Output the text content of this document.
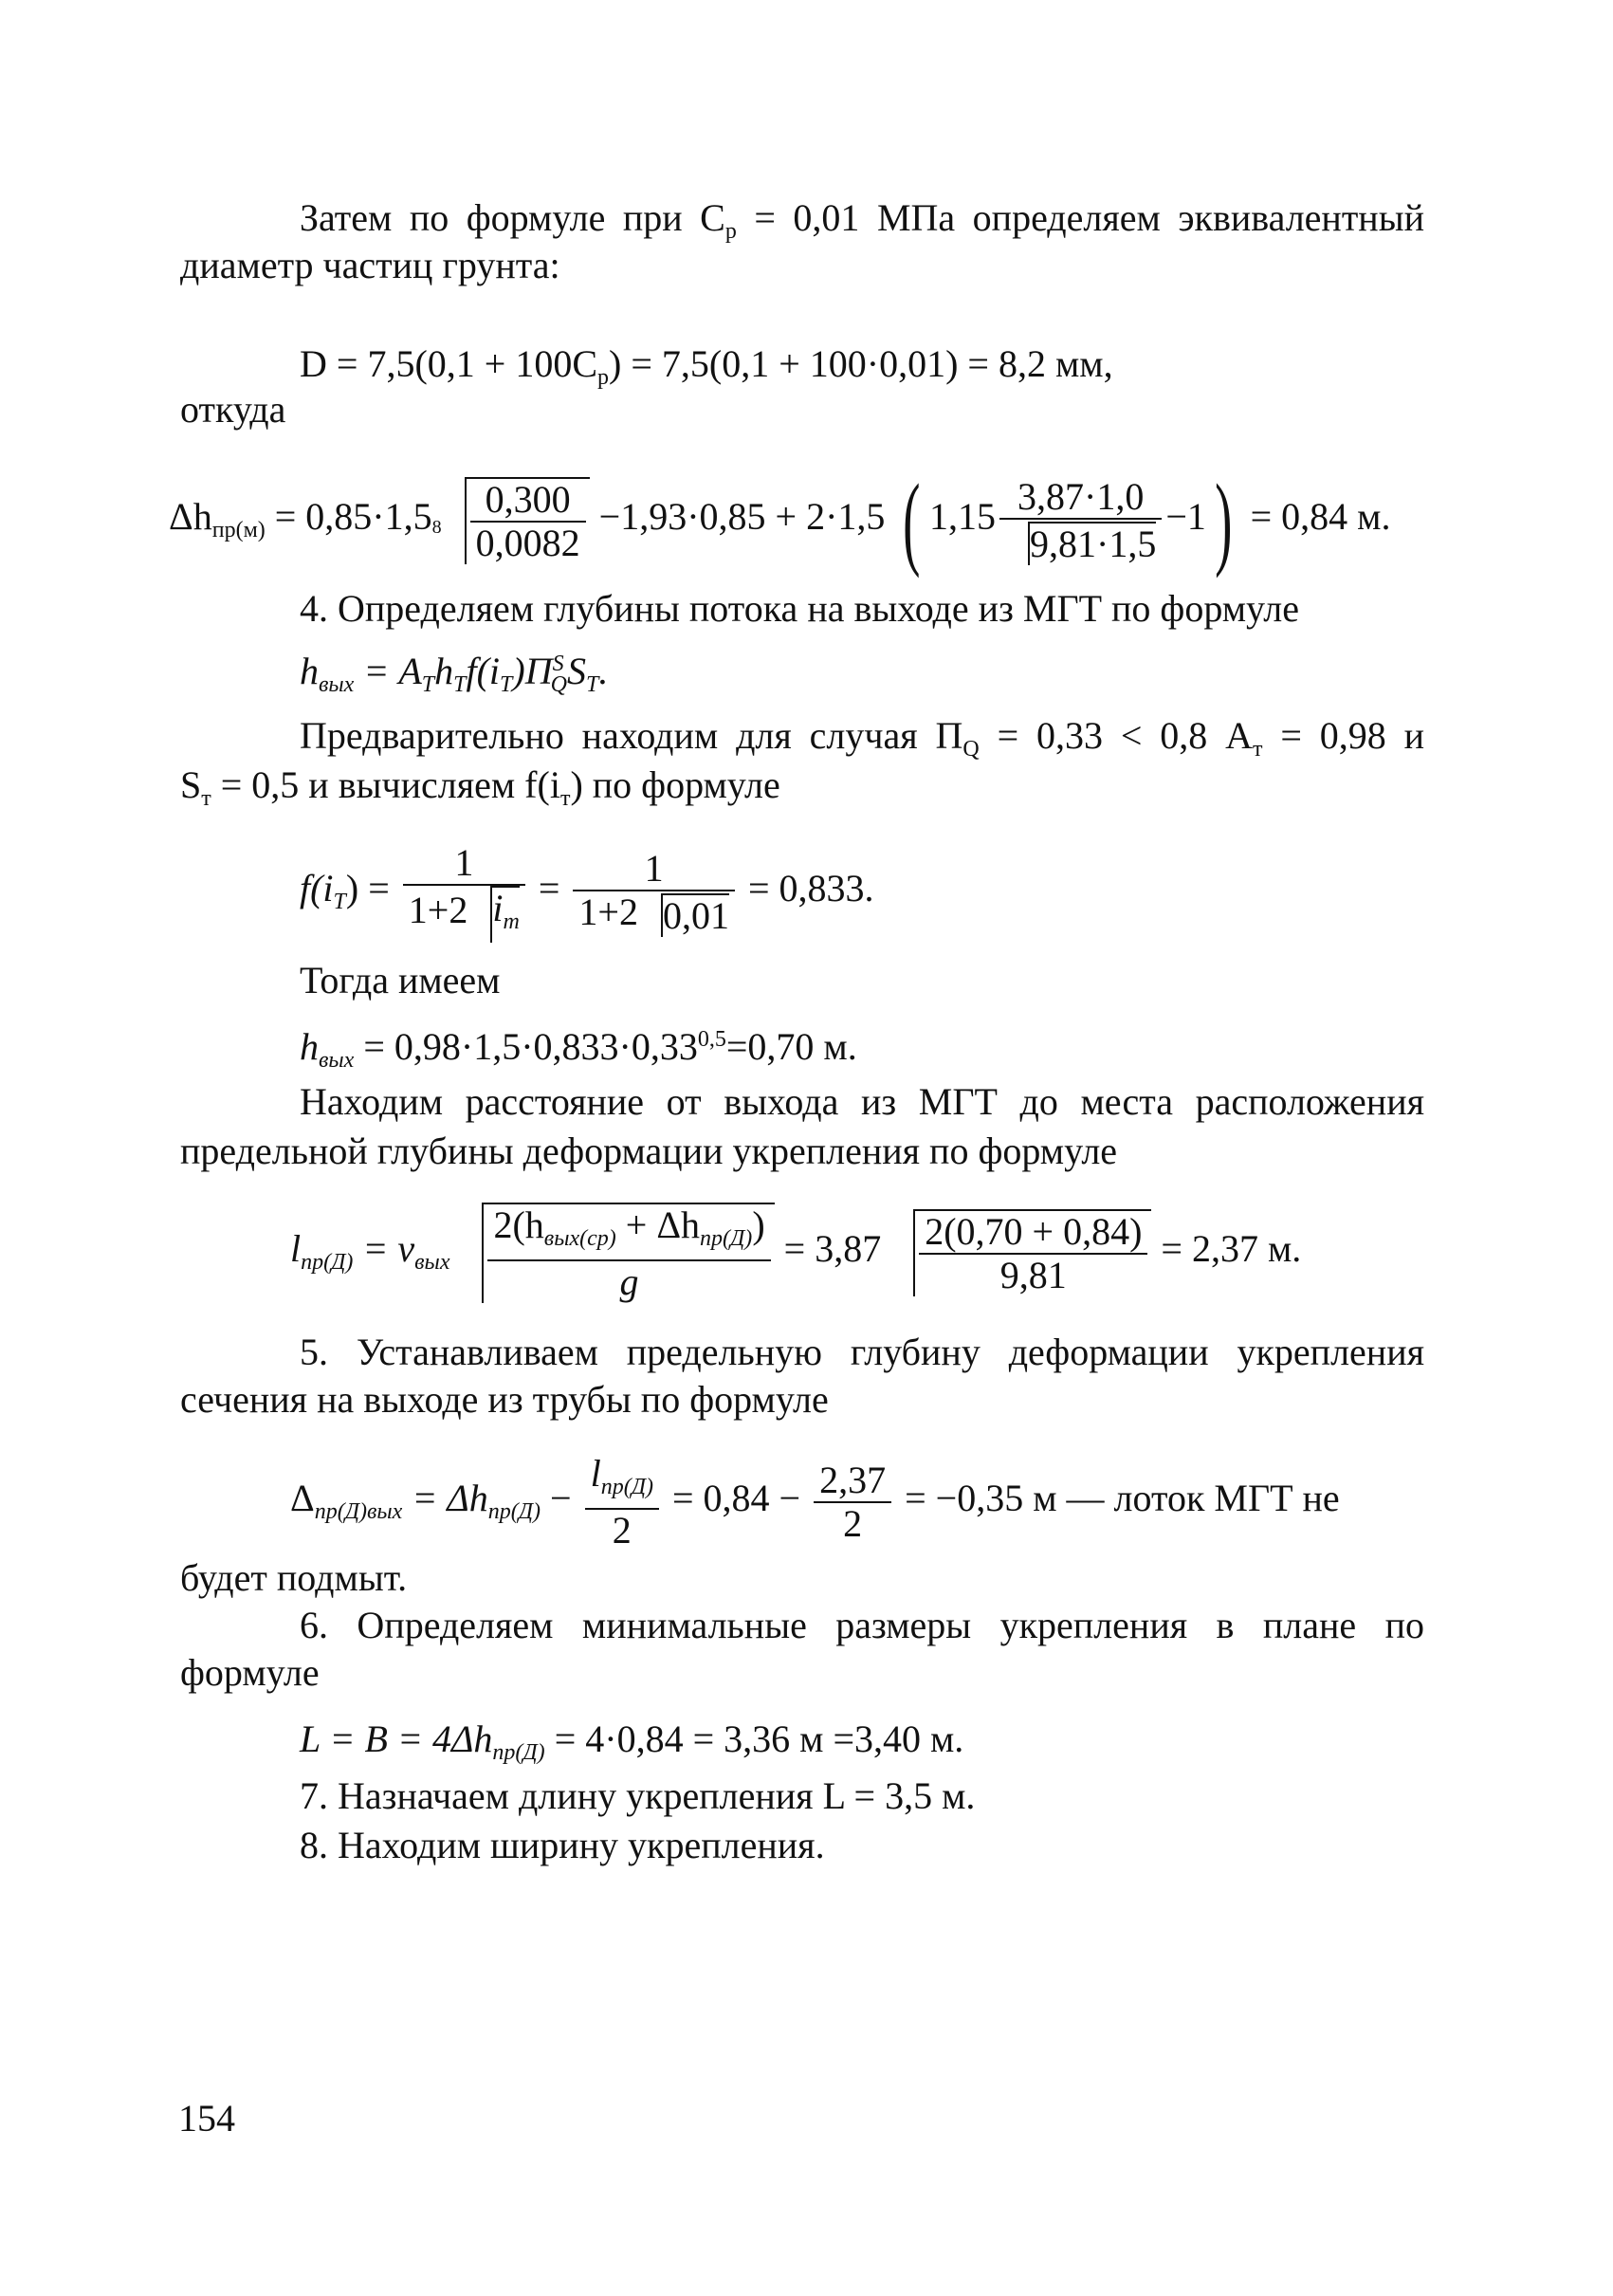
Затем по формуле при $С_р = 0,01$ МПа определяем эквивалентный
диаметр частиц грунта:
$D = 7,5(0,1 + 100C_р) = 7,5(0,1 + 100\cdot 0,01) = 8,2$ мм,
откуда
$\Delta h_{пр(м)} = 0,85\cdot 1,5^8 \frac{0,300}{0,0082} -1,93\cdot 0,85 + 2\cdot 1,5$ ( $1,15 \frac{3,87\cdot 1,0}{9,81\cdot 1,5} -1) = 0,84$ м.
4. Определяем глубины потока на выходе из МГТ по формуле
$h_{вых} = A_Th_Tf(i_T)П^S_QS_T$.
Предварительно находим для случая $П_Q = 0,33 < 0,8$ $А_т = 0,98$ и
$S_т = 0,5$ и вычисляем $f(i_т)$ по формуле
$f(i_T) = \frac{1}{1+2 i_m} = \frac{1}{1+2 0,01} = 0,833$.
Тогда имеем
$h_{вых} = 0,98\cdot 1,5\cdot 0,833\cdot 0,33^{0,5}=0,70$ м.
Находим расстояние от выхода из МГТ до места расположения
предельной глубины деформации укрепления по формуле
$l_{пр(Д)} = v_{вых} \frac{2(h_{вых(ср)} + \Delta h_{пр(Д)})}{g} = 3,87 \frac{2(0,70 + 0,84)}{9,81} = 2,37$ м.
5. Устанавливаем предельную глубину деформации укрепления
сечения на выходе из трубы по формуле
$\Delta_{пр(Д)вых} = \Delta h_{пр(Д)} - \frac{l_{пр(Д)}}{2} = 0,84 - \frac{2,37}{2} = -0,35$ м — лоток МГТ не
будет подмыт.
6. Определяем минимальные размеры укрепления в плане по
формуле
$L = B = 4\Delta h_{пр(Д)} = 4\cdot 0,84 = 3,36$ м =3,40 м.
7. Назначаем длину укрепления L = 3,5 м.
8. Находим ширину укрепления.
154
